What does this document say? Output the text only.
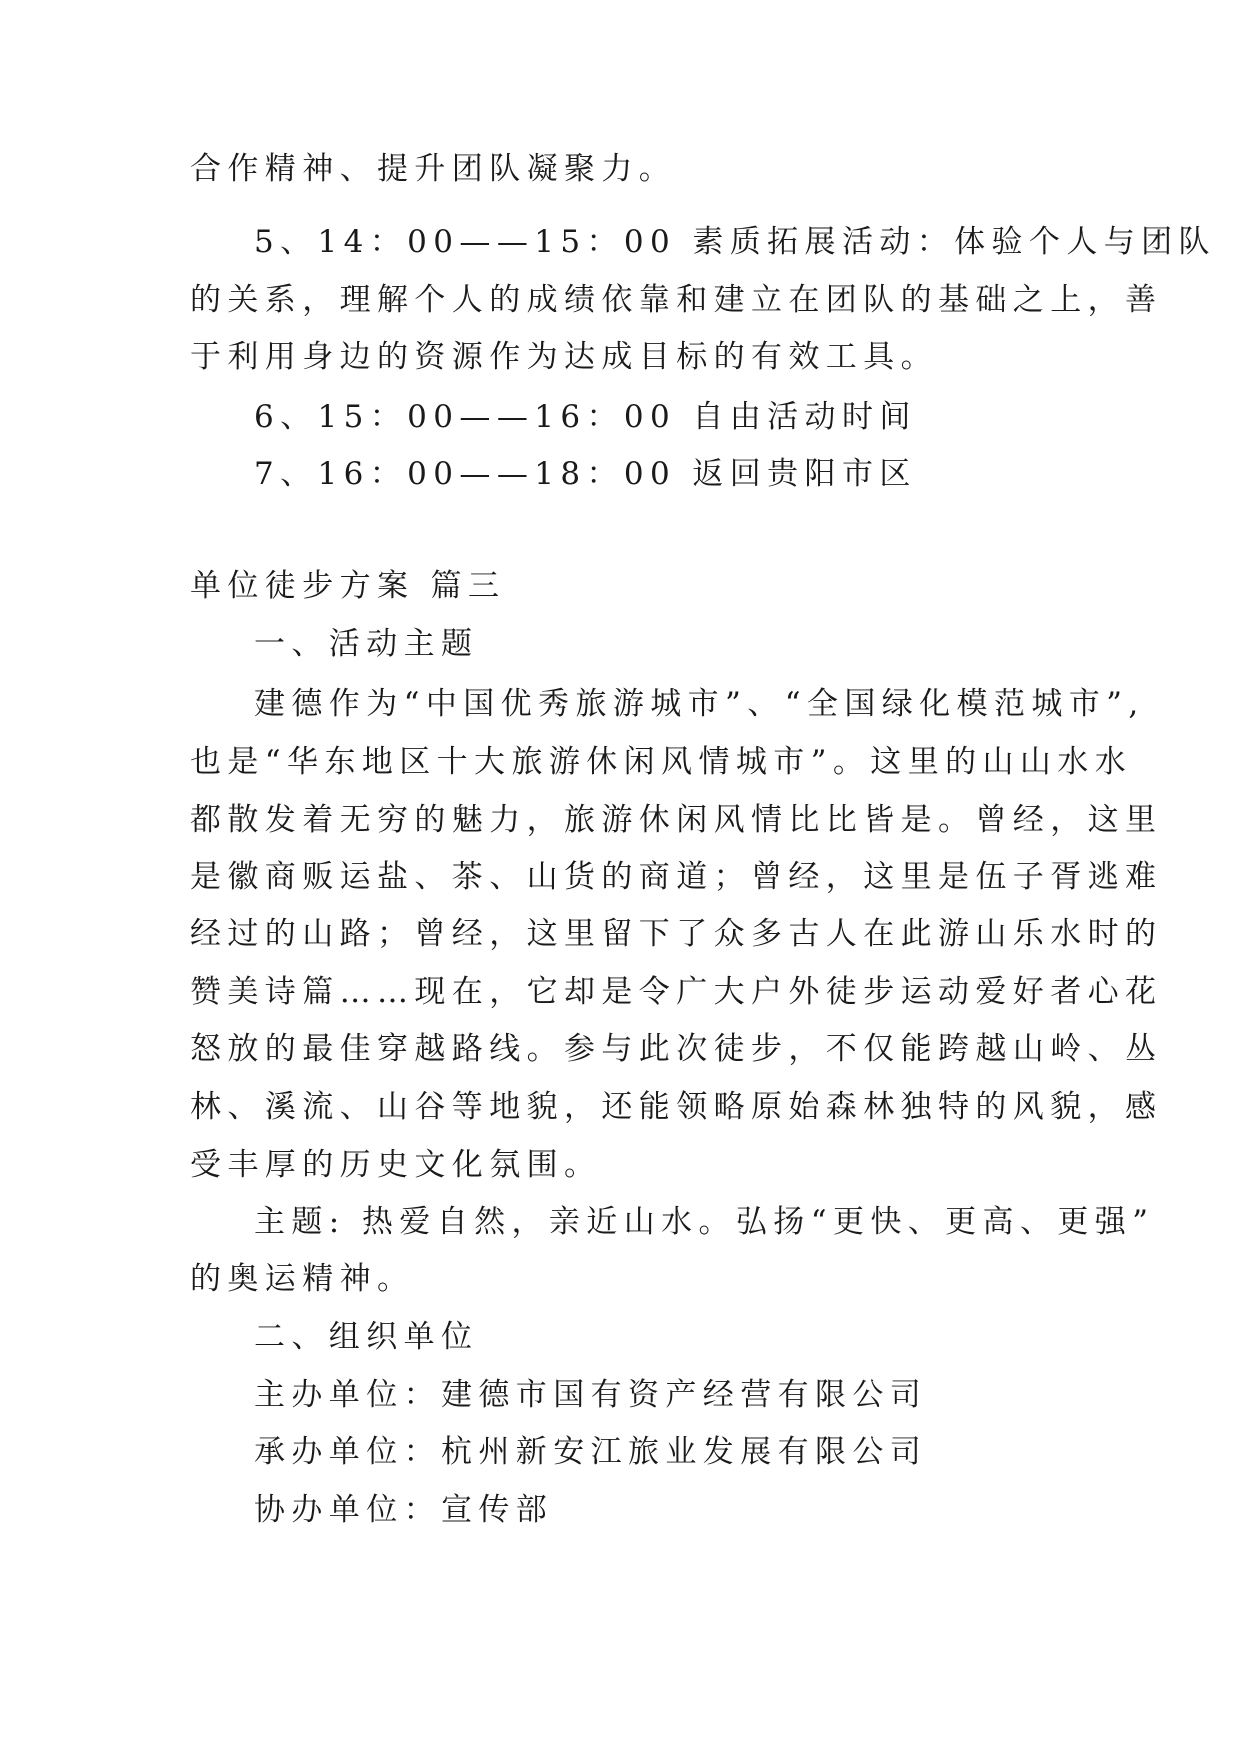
合作精神、提升团队凝聚力。
5、14：00——15：00 素质拓展活动：体验个人与团队
的关系，理解个人的成绩依靠和建立在团队的基础之上，善
于利用身边的资源作为达成目标的有效工具。
6、15：00——16：00 自由活动时间
7、16：00——18：00 返回贵阳市区
单位徒步方案 篇三
一、活动主题
建德作为“中国优秀旅游城市”、“全国绿化模范城市”,
也是“华东地区十大旅游休闲风情城市”。这里的山山水水
都散发着无穷的魅力，旅游休闲风情比比皆是。曾经，这里
是徽商贩运盐、茶、山货的商道；曾经，这里是伍子胥逃难
经过的山路；曾经，这里留下了众多古人在此游山乐水时的
赞美诗篇……现在，它却是令广大户外徒步运动爱好者心花
怒放的最佳穿越路线。参与此次徒步，不仅能跨越山岭、丛
林、溪流、山谷等地貌，还能领略原始森林独特的风貌，感
受丰厚的历史文化氛围。
主题: 热爱自然，亲近山水。弘扬“更快、更高、更强”
的奥运精神。
二、组织单位
主办单位：建德市国有资产经营有限公司
承办单位：杭州新安江旅业发展有限公司
协办单位：宣传部
